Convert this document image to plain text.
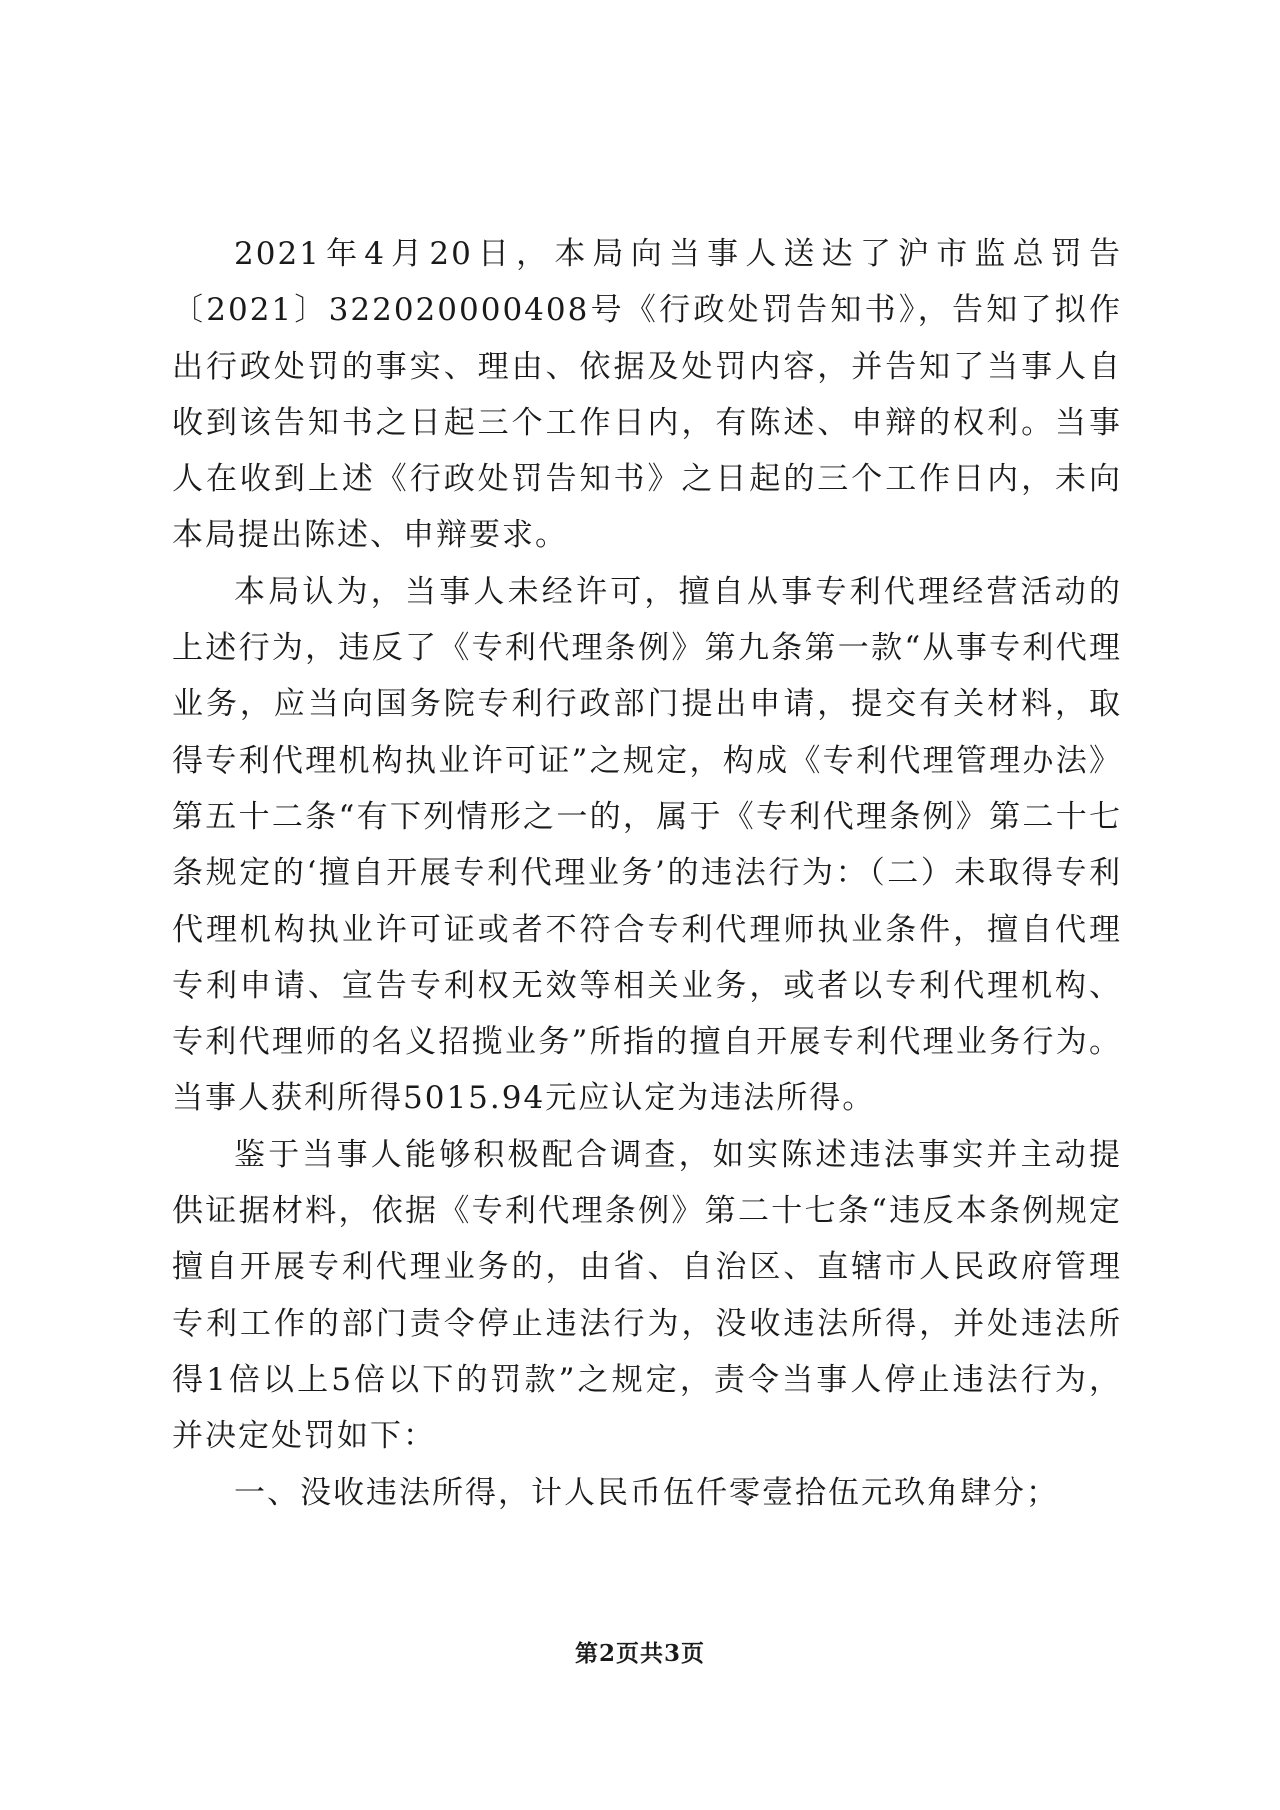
2021年4月20日，本局向当事人送达了沪市监总罚告〔2021〕322020000408号《行政处罚告知书》，告知了拟作出行政处罚的事实、理由、依据及处罚内容，并告知了当事人自收到该告知书之日起三个工作日内，有陈述、申辩的权利。当事人在收到上述《行政处罚告知书》之日起的三个工作日内，未向本局提出陈述、申辩要求。

本局认为，当事人未经许可，擅自从事专利代理经营活动的上述行为，违反了《专利代理条例》第九条第一款“从事专利代理业务，应当向国务院专利行政部门提出申请，提交有关材料，取得专利代理机构执业许可证”之规定，构成《专利代理管理办法》第五十二条“有下列情形之一的，属于《专利代理条例》第二十七条规定的‘擅自开展专利代理业务’的违法行为：（二）未取得专利代理机构执业许可证或者不符合专利代理师执业条件，擅自代理专利申请、宣告专利权无效等相关业务，或者以专利代理机构、专利代理师的名义招揽业务”所指的擅自开展专利代理业务行为。当事人获利所得5015.94元应认定为违法所得。

鉴于当事人能够积极配合调查，如实陈述违法事实并主动提供证据材料，依据《专利代理条例》第二十七条“违反本条例规定擅自开展专利代理业务的，由省、自治区、直辖市人民政府管理专利工作的部门责令停止违法行为，没收违法所得，并处违法所得1倍以上5倍以下的罚款”之规定，责令当事人停止违法行为，并决定处罚如下：

一、没收违法所得，计人民币伍仟零壹拾伍元玖角肆分；

第2页共3页
